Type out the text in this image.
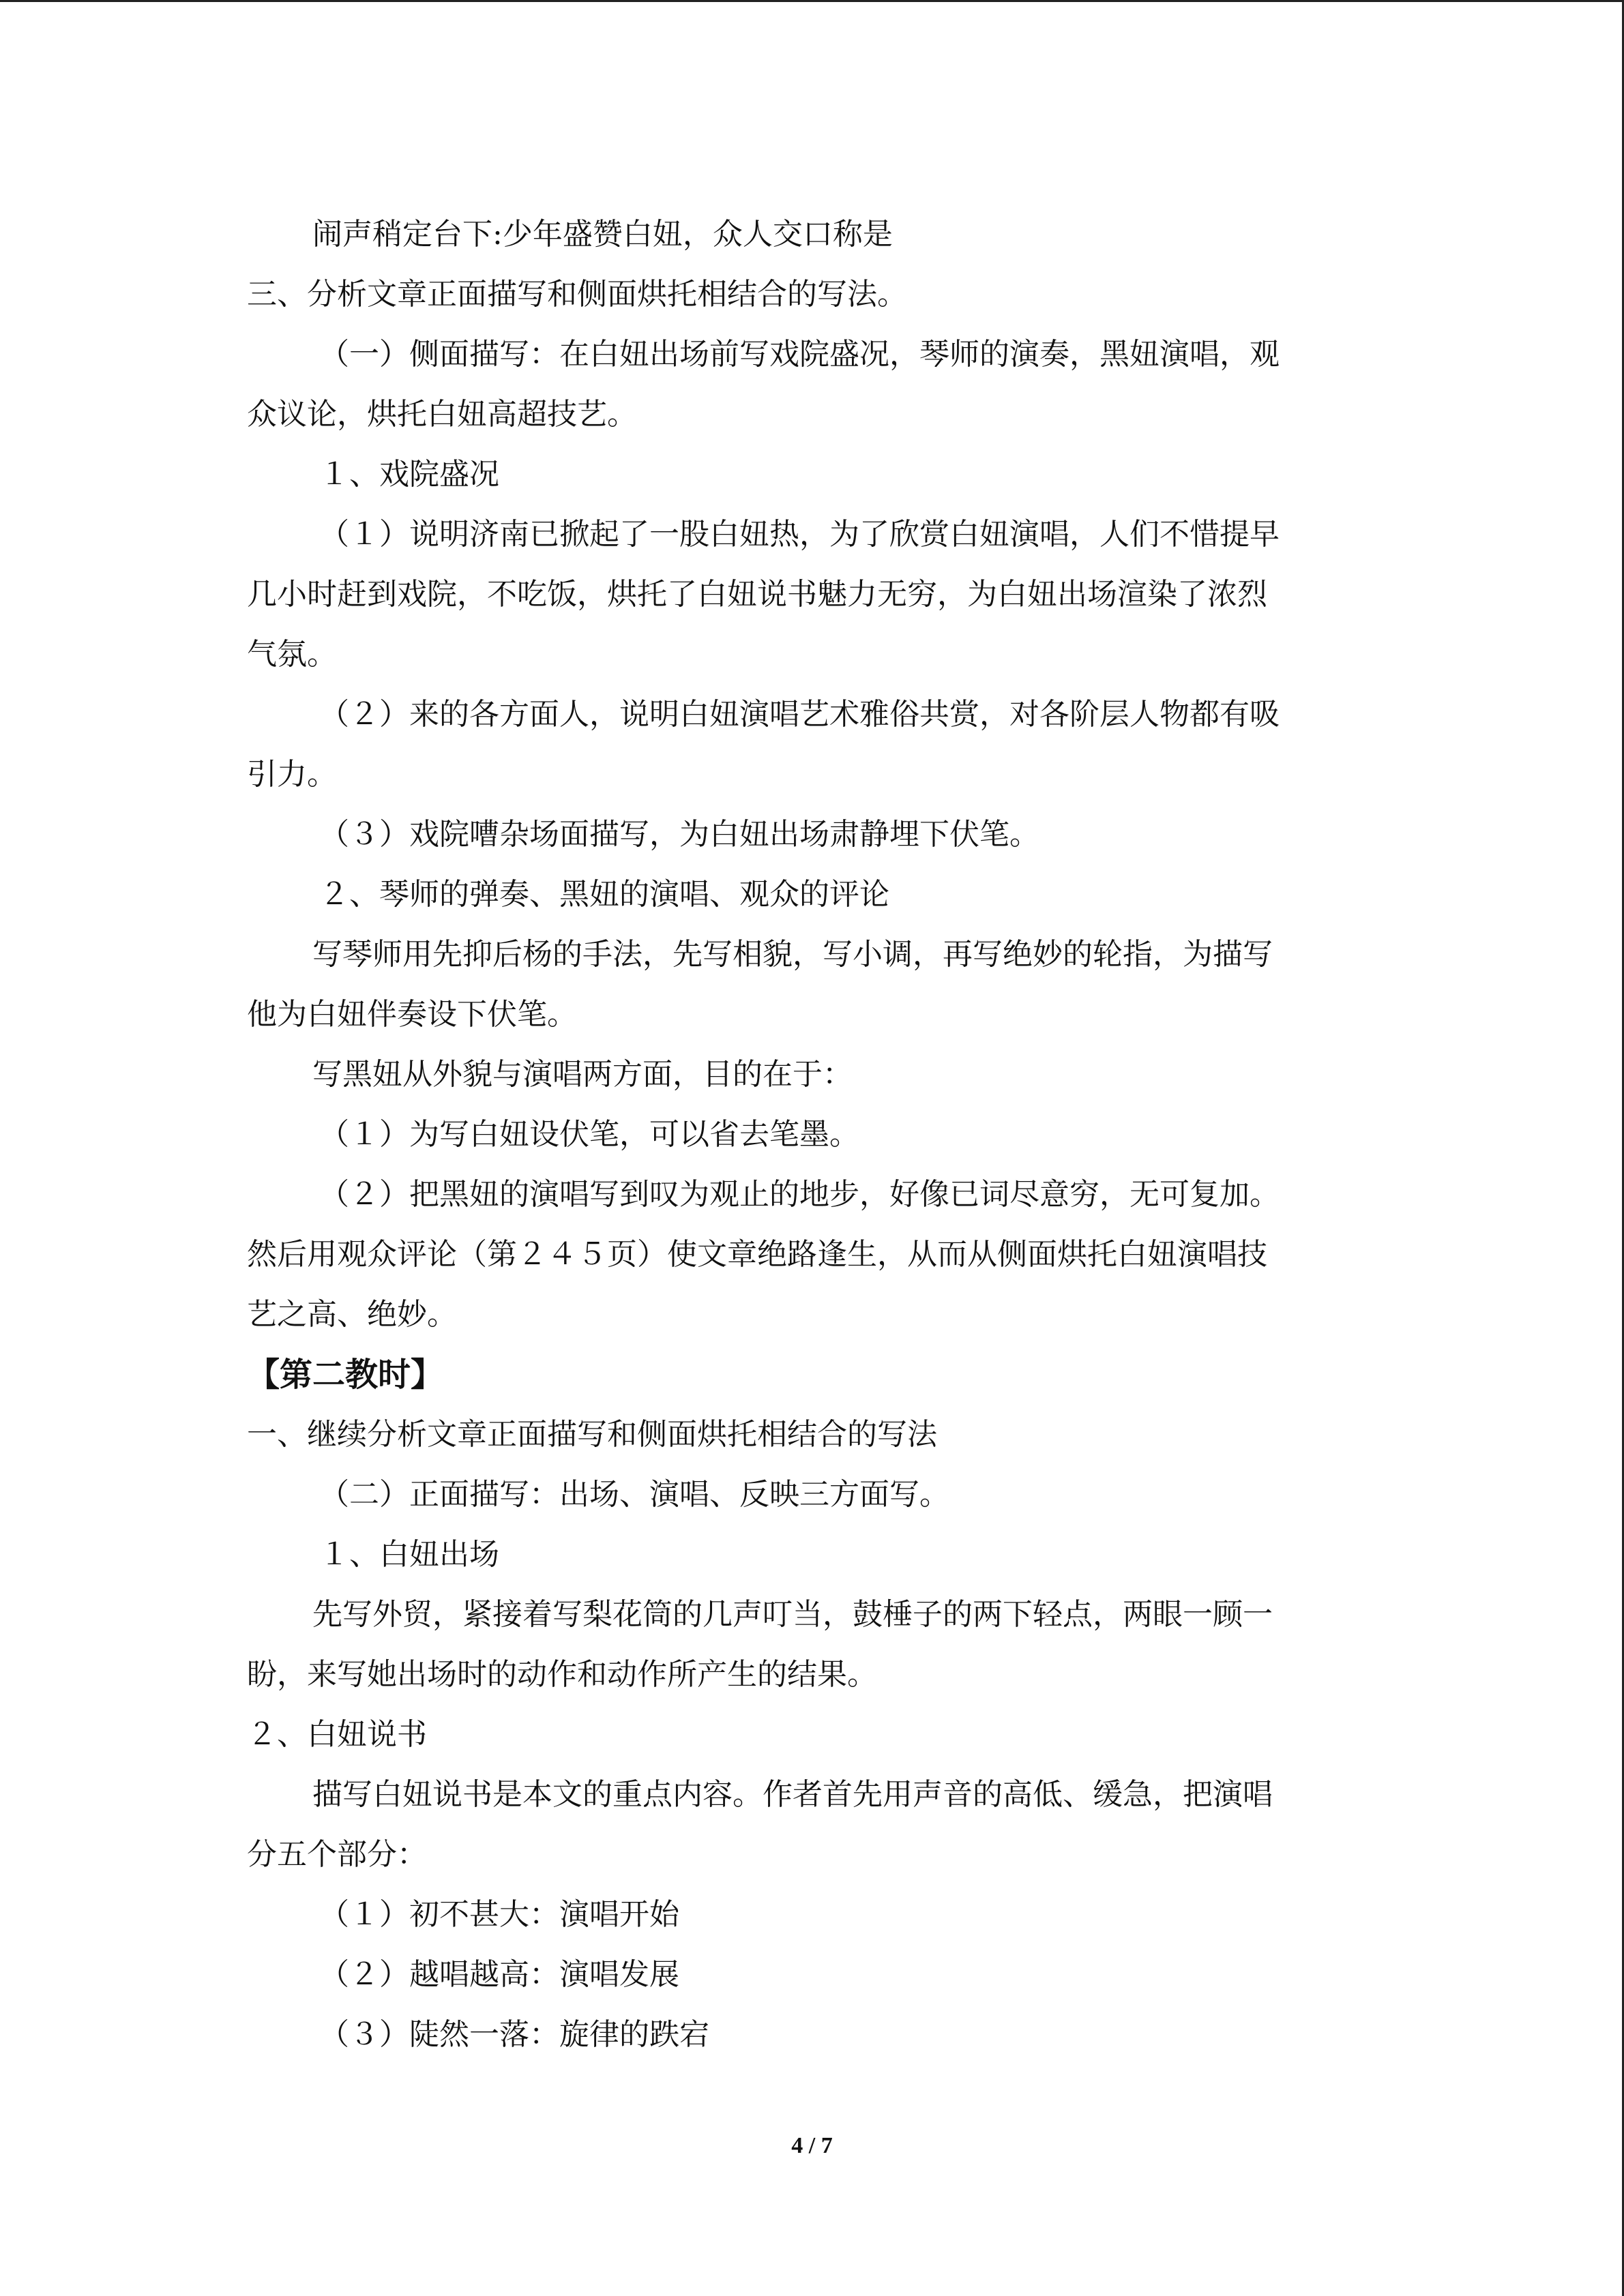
闹声稍定台下:少年盛赞白妞，众人交口称是
三、分析文章正面描写和侧面烘托相结合的写法。
（一）侧面描写：在白妞出场前写戏院盛况，琴师的演奏，黑妞演唱，观
众议论，烘托白妞高超技艺。
１、戏院盛况
（１）说明济南已掀起了一股白妞热，为了欣赏白妞演唱，人们不惜提早
几小时赶到戏院，不吃饭，烘托了白妞说书魅力无穷，为白妞出场渲染了浓烈
气氛。
（２）来的各方面人，说明白妞演唱艺术雅俗共赏，对各阶层人物都有吸
引力。
（３）戏院嘈杂场面描写，为白妞出场肃静埋下伏笔。
２、琴师的弹奏、黑妞的演唱、观众的评论
写琴师用先抑后杨的手法，先写相貌，写小调，再写绝妙的轮指，为描写
他为白妞伴奏设下伏笔。
写黑妞从外貌与演唱两方面，目的在于：
（１）为写白妞设伏笔，可以省去笔墨。
（２）把黑妞的演唱写到叹为观止的地步，好像已词尽意穷，无可复加。
然后用观众评论（第２４５页）使文章绝路逢生，从而从侧面烘托白妞演唱技
艺之高、绝妙。
【第二教时】
一、继续分析文章正面描写和侧面烘托相结合的写法
（二）正面描写：出场、演唱、反映三方面写。
１、白妞出场
先写外贸，紧接着写梨花筒的几声叮当，鼓棰子的两下轻点，两眼一顾一
盼，来写她出场时的动作和动作所产生的结果。
２、白妞说书
描写白妞说书是本文的重点内容。作者首先用声音的高低、缓急，把演唱
分五个部分：
（１）初不甚大：演唱开始
（２）越唱越高：演唱发展
（３）陡然一落：旋律的跌宕
4 / 7
